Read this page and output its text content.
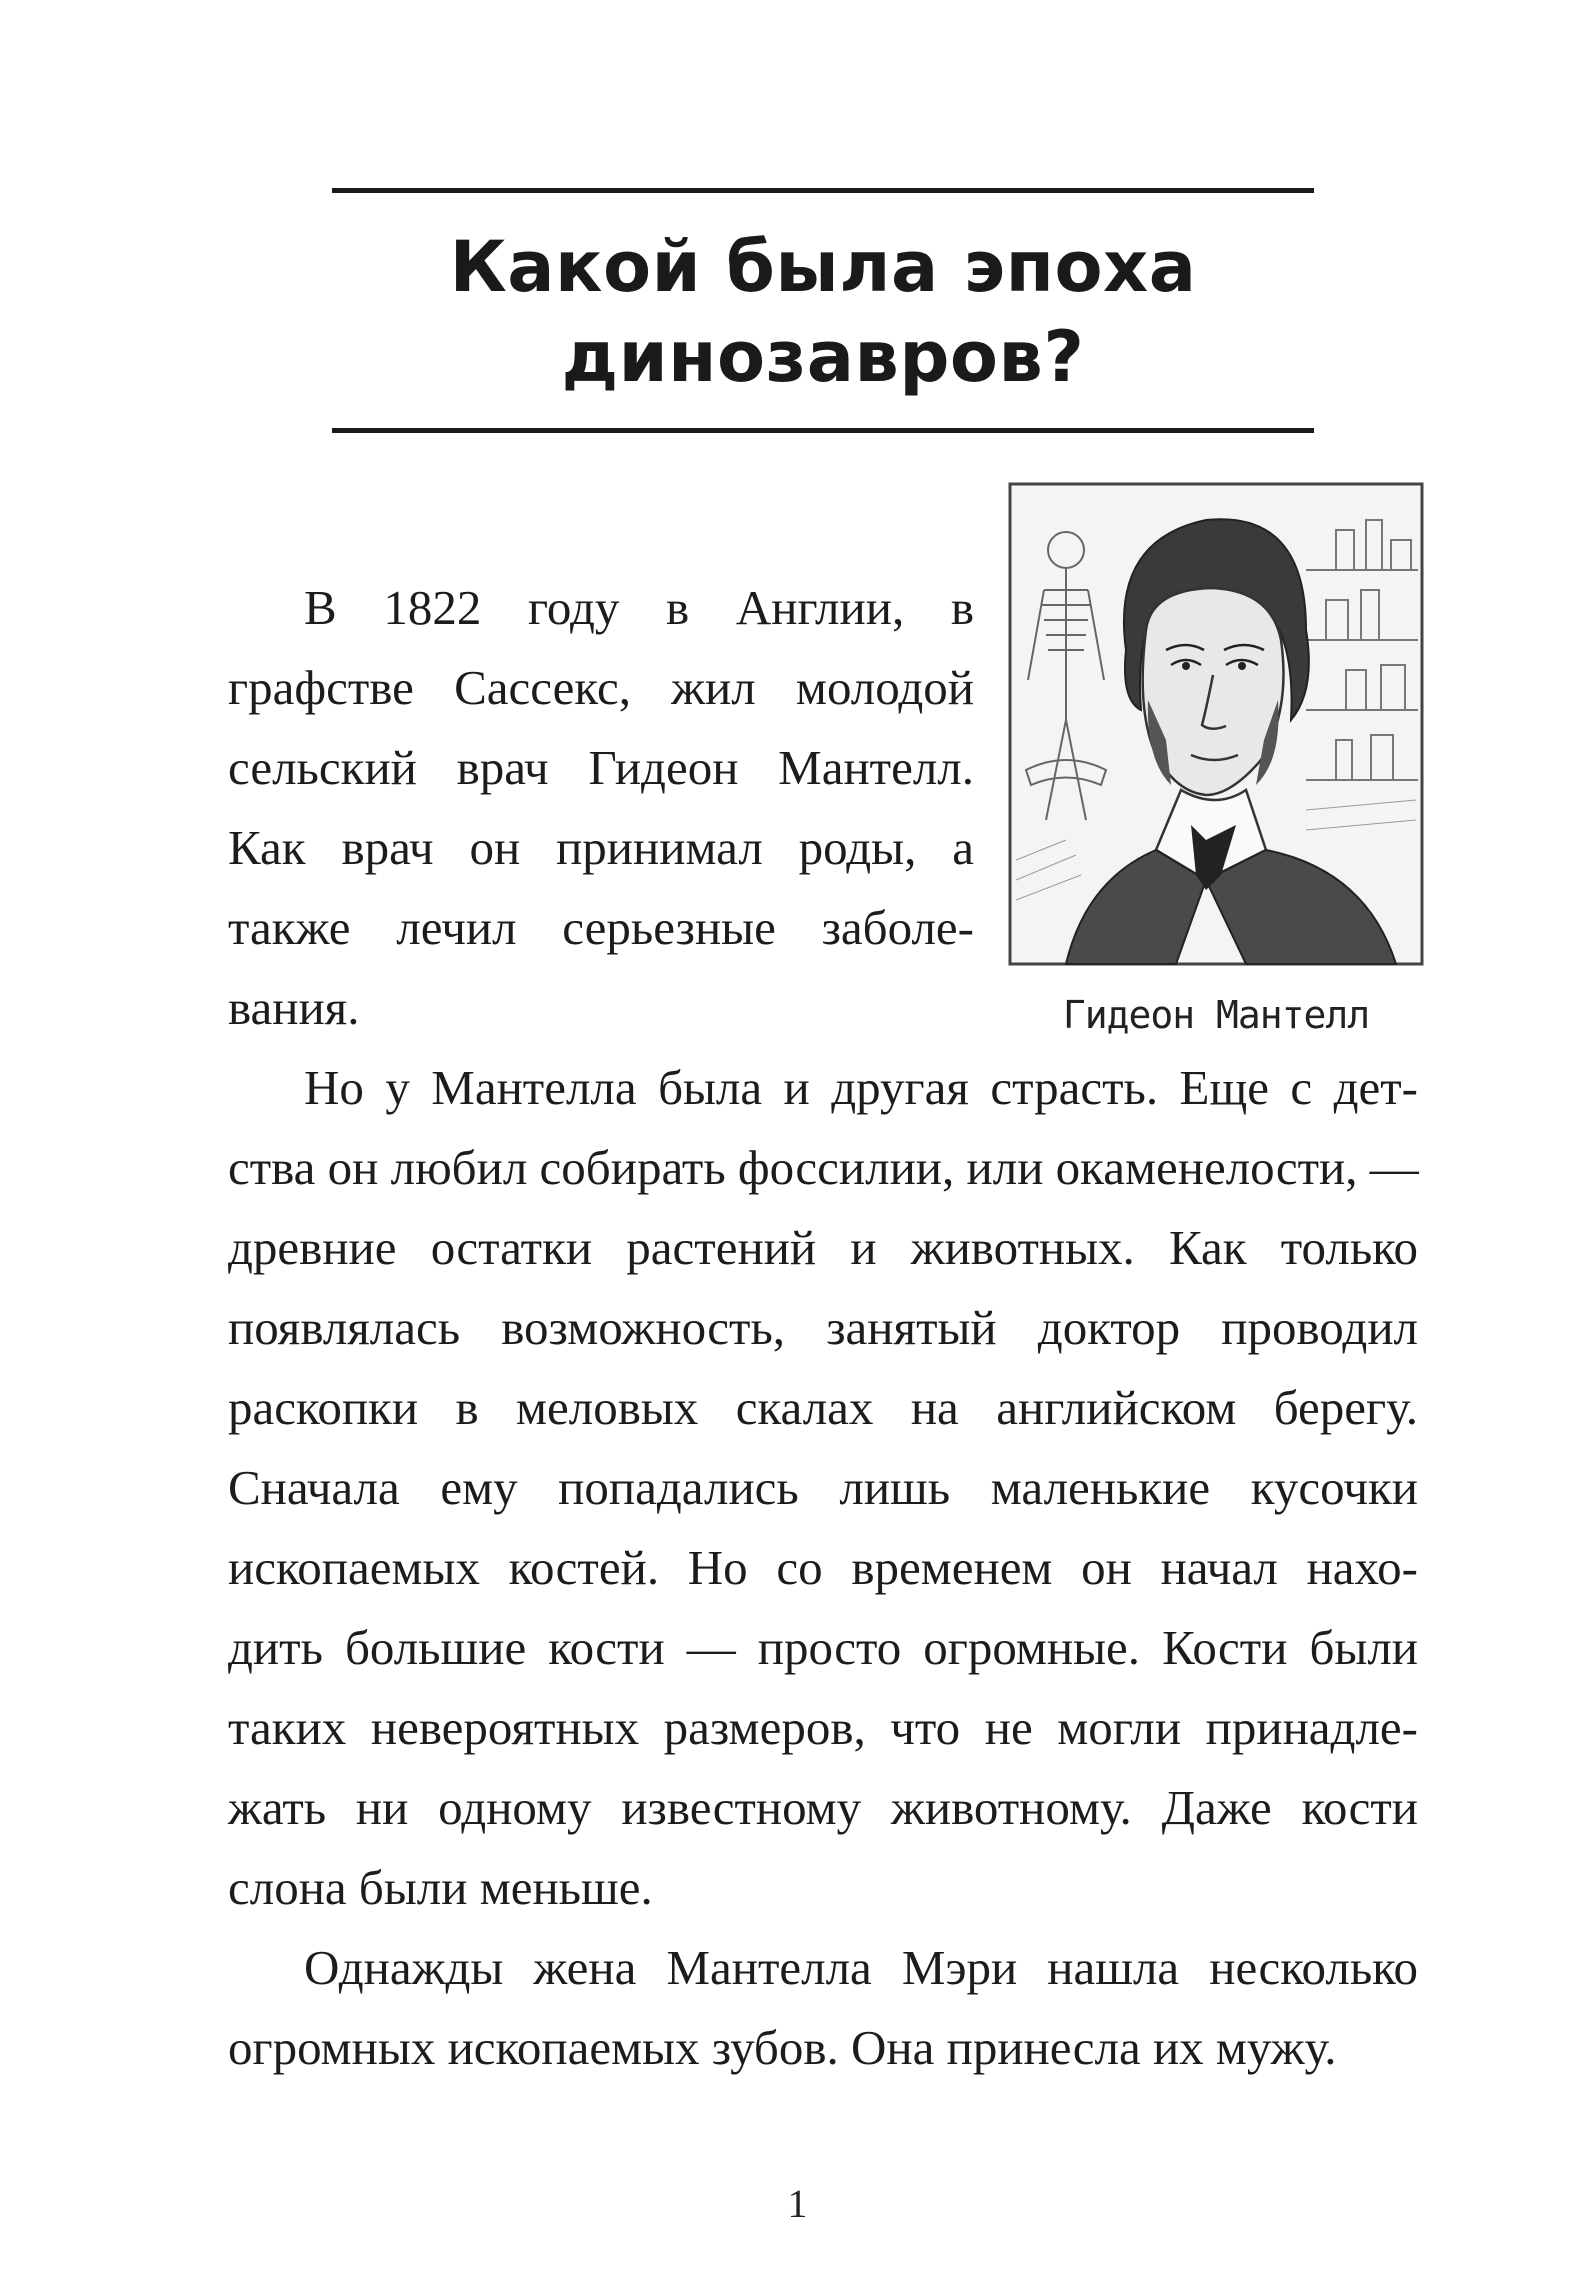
Какой была эпоха
динозавров?
В 1822 году в Англии, в
графстве Сассекс, жил молодой
сельский врач Гидеон Мантелл.
Как врач он принимал роды, а
также лечил серьезные заболе-
вания.	Гидеон Мантелл
Но у Мантелла была и другая страсть. Еще с дет-
ства он любил собирать фоссилии, или окаменелости, —
древние остатки растений и животных. Как только
появлялась возможность, занятый доктор проводил
раскопки в меловых скалах на английском берегу.
Сначала ему попадались лишь маленькие кусочки
ископаемых костей. Но со временем он начал нахо-
дить большие кости — просто огромные. Кости были
таких невероятных размеров, что не могли принадле-
жать ни одному известному животному. Даже кости
слона были меньше.
Однажды жена Мантелла Мэри нашла несколько
огромных ископаемых зубов. Она принесла их мужу.
1
